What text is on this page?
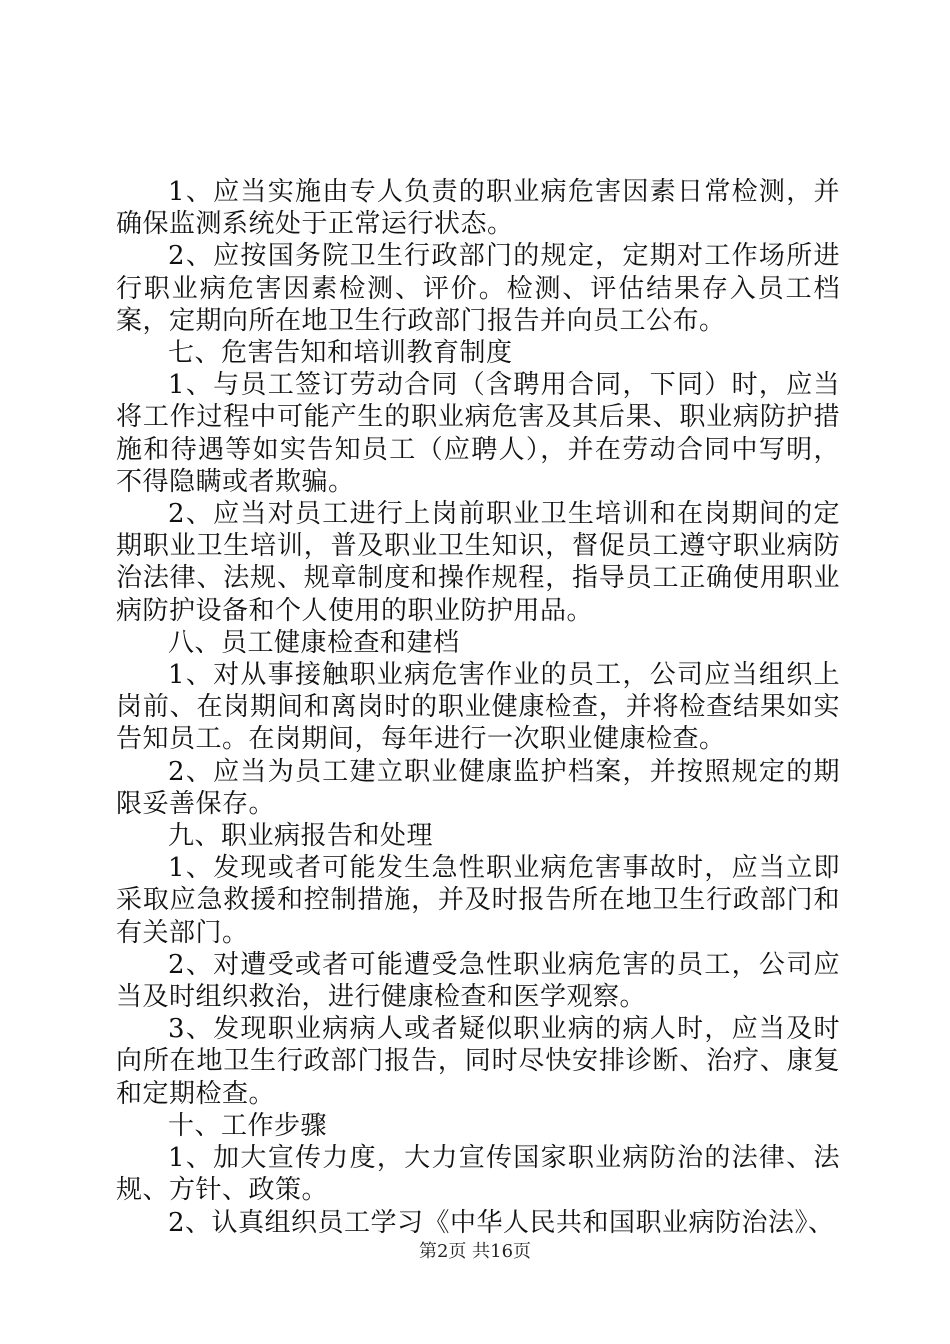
1、应当实施由专人负责的职业病危害因素日常检测，并确保监测系统处于正常运行状态。

2、应按国务院卫生行政部门的规定，定期对工作场所进行职业病危害因素检测、评价。检测、评估结果存入员工档案，定期向所在地卫生行政部门报告并向员工公布。

七、危害告知和培训教育制度

1、与员工签订劳动合同（含聘用合同，下同）时，应当将工作过程中可能产生的职业病危害及其后果、职业病防护措施和待遇等如实告知员工（应聘人），并在劳动合同中写明，不得隐瞒或者欺骗。

2、应当对员工进行上岗前职业卫生培训和在岗期间的定期职业卫生培训，普及职业卫生知识，督促员工遵守职业病防治法律、法规、规章制度和操作规程，指导员工正确使用职业病防护设备和个人使用的职业防护用品。

八、员工健康检查和建档

1、对从事接触职业病危害作业的员工，公司应当组织上岗前、在岗期间和离岗时的职业健康检查，并将检查结果如实告知员工。在岗期间，每年进行一次职业健康检查。

2、应当为员工建立职业健康监护档案，并按照规定的期限妥善保存。

九、职业病报告和处理

1、发现或者可能发生急性职业病危害事故时，应当立即采取应急救援和控制措施，并及时报告所在地卫生行政部门和有关部门。

2、对遭受或者可能遭受急性职业病危害的员工，公司应当及时组织救治，进行健康检查和医学观察。

3、发现职业病病人或者疑似职业病的病人时，应当及时向所在地卫生行政部门报告，同时尽快安排诊断、治疗、康复和定期检查。

十、工作步骤

1、加大宣传力度，大力宣传国家职业病防治的法律、法规、方针、政策。

2、认真组织员工学习《中华人民共和国职业病防治法》、

第2页 共16页
